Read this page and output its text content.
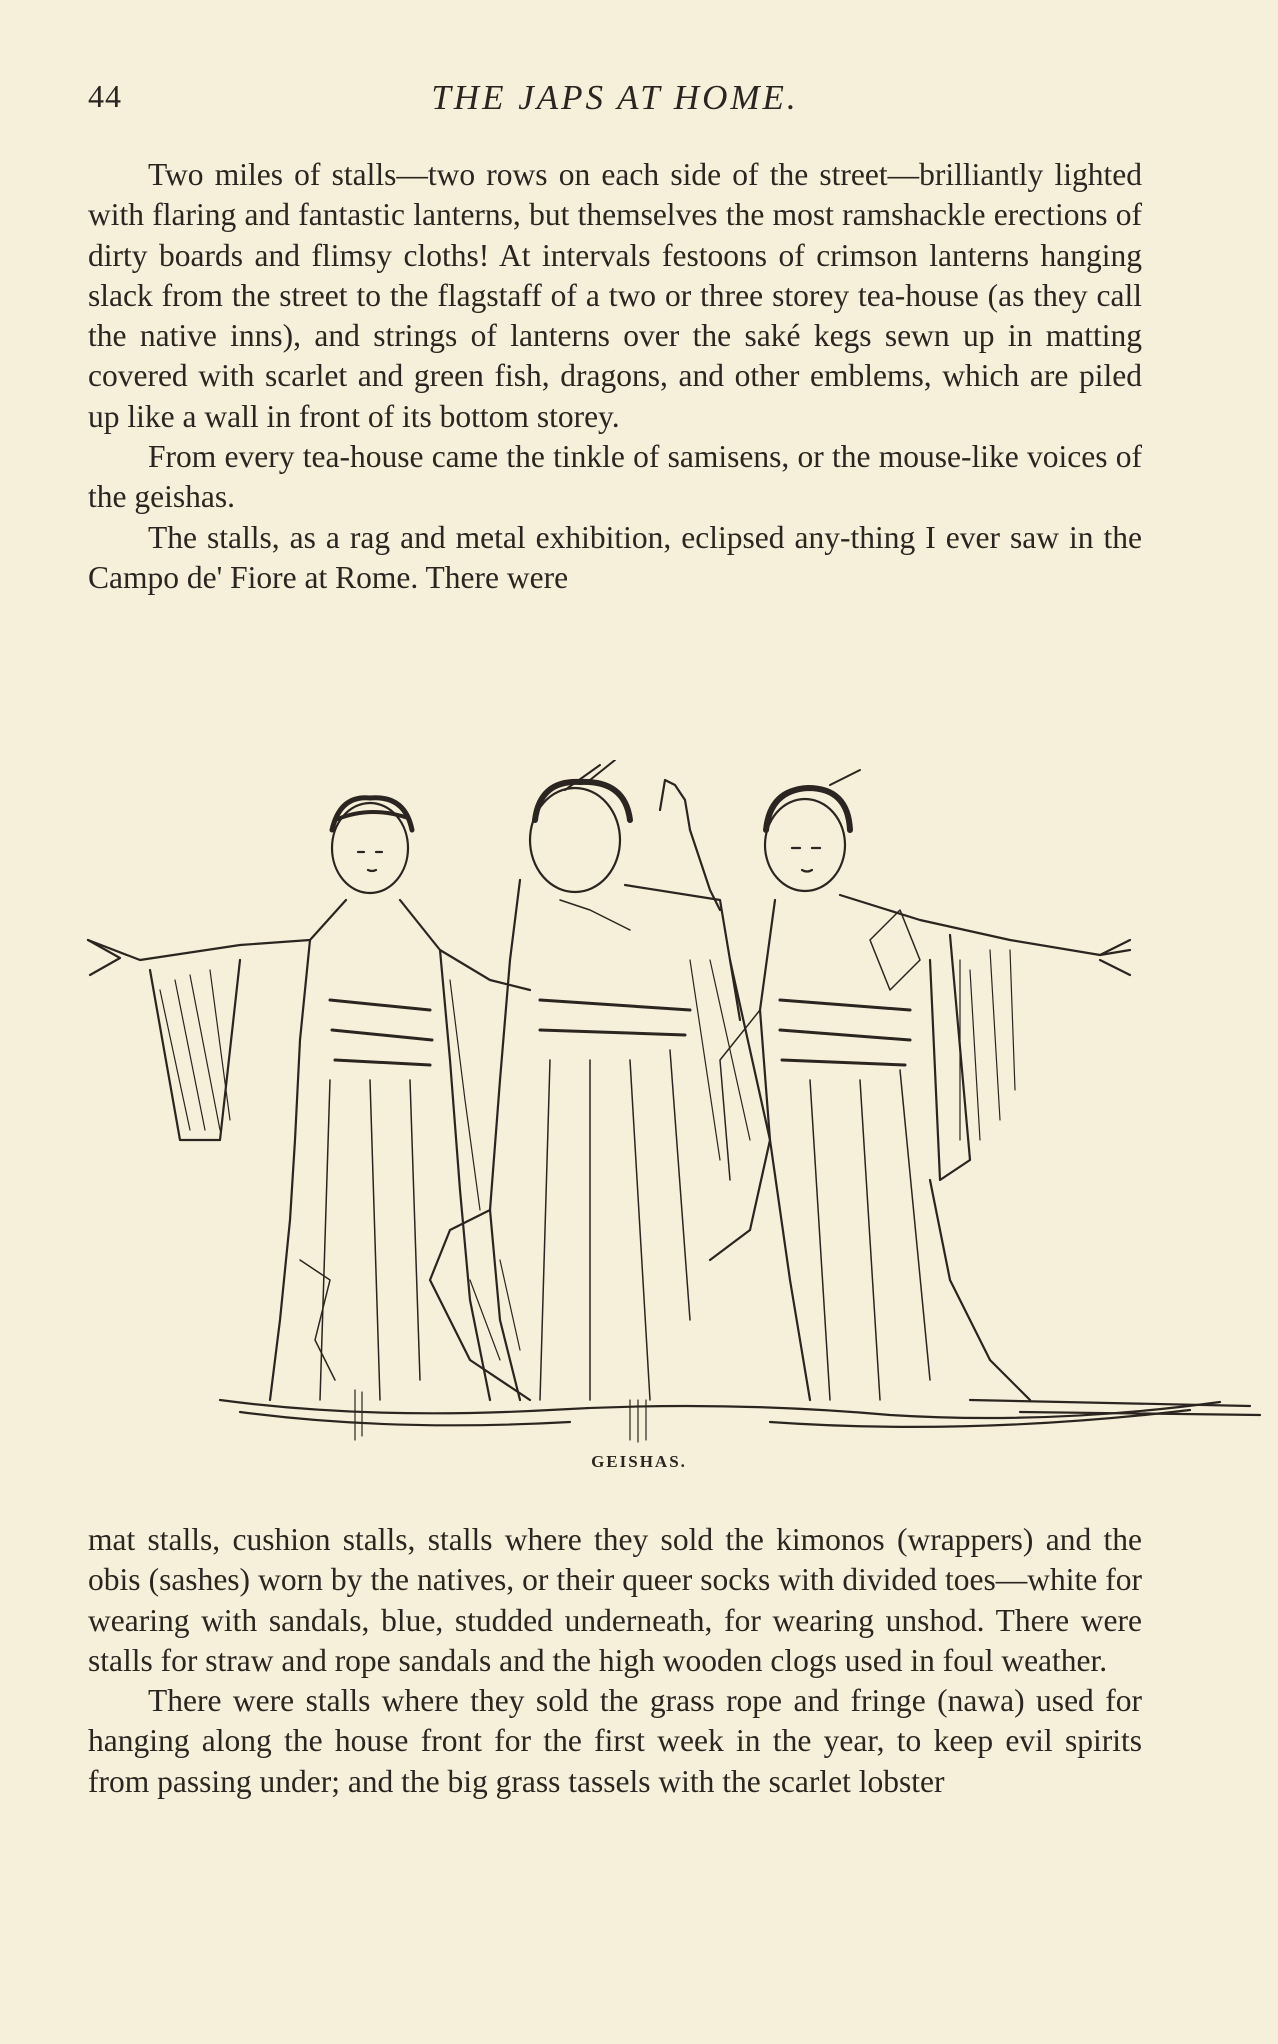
44	THE JAPS AT HOME.

Two miles of stalls—two rows on each side of the street—brilliantly lighted with flaring and fantastic lanterns, but themselves the most ramshackle erections of dirty boards and flimsy cloths! At intervals festoons of crimson lanterns hanging slack from the street to the flagstaff of a two or three storey tea-house (as they call the native inns), and strings of lanterns over the saké kegs sewn up in matting covered with scarlet and green fish, dragons, and other emblems, which are piled up like a wall in front of its bottom storey.

From every tea-house came the tinkle of samisens, or the mouse-like voices of the geishas.

The stalls, as a rag and metal exhibition, eclipsed any-thing I ever saw in the Campo de' Fiore at Rome. There were

GEISHAS.

mat stalls, cushion stalls, stalls where they sold the kimonos (wrappers) and the obis (sashes) worn by the natives, or their queer socks with divided toes—white for wearing with sandals, blue, studded underneath, for wearing unshod. There were stalls for straw and rope sandals and the high wooden clogs used in foul weather.

There were stalls where they sold the grass rope and fringe (nawa) used for hanging along the house front for the first week in the year, to keep evil spirits from passing under; and the big grass tassels with the scarlet lobster
